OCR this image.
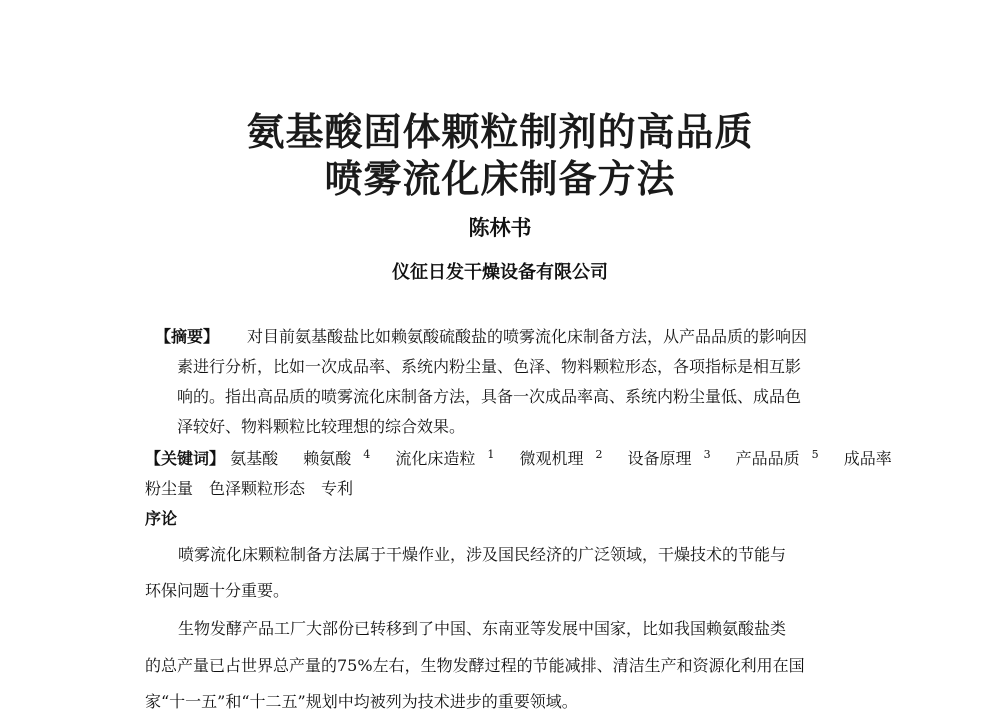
氨基酸固体颗粒制剂的高品质
喷雾流化床制备方法
陈林书
仪征日发干燥设备有限公司
【摘要】 对目前氨基酸盐比如赖氨酸硫酸盐的喷雾流化床制备方法，从产品品质的影响因
素进行分析，比如一次成品率、系统内粉尘量、色泽、物料颗粒形态，各项指标是相互影
响的。指出高品质的喷雾流化床制备方法，具备一次成品率高、系统内粉尘量低、成品色
泽较好、物料颗粒比较理想的综合效果。
【关键词】 氨基酸 赖氨酸 $^4$ 流化床造粒 $^1$ 微观机理 $^2$ 设备原理 $^3$ 产品品质 $^5$ 成品率
粉尘量　色泽颗粒形态　专利
序论
喷雾流化床颗粒制备方法属于干燥作业，涉及国民经济的广泛领域，干燥技术的节能与
环保问题十分重要。
生物发酵产品工厂大部份已转移到了中国、东南亚等发展中国家，比如我国赖氨酸盐类
的总产量已占世界总产量的75%左右，生物发酵过程的节能减排、清洁生产和资源化利用在国
家“十一五”和“十二五”规划中均被列为技术进步的重要领域。
